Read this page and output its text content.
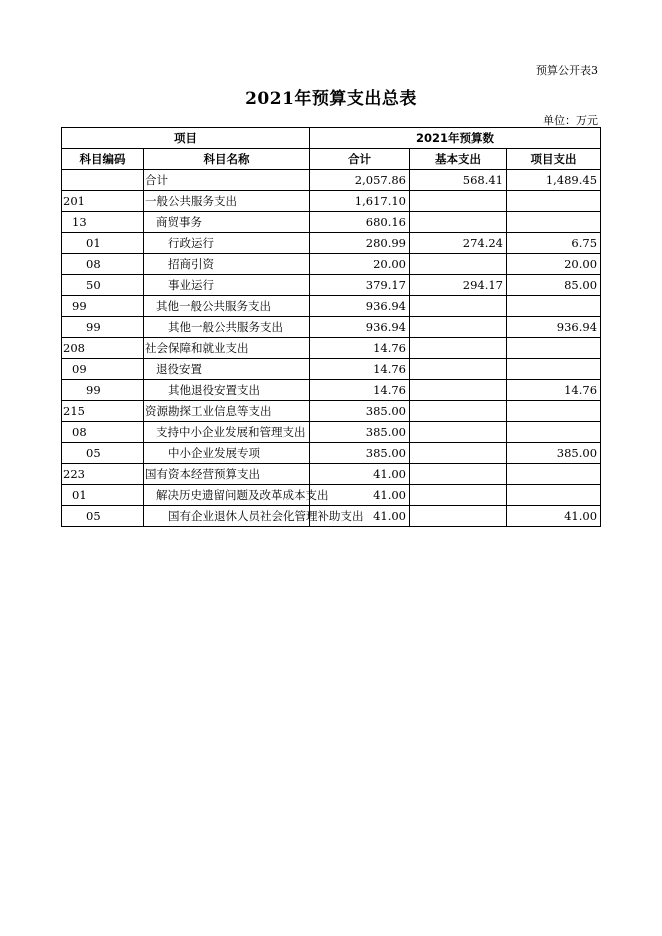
预算公开表3
2021年预算支出总表
单位：万元
项目		2021年预算数		
科目编码	科目名称	合计	基本支出	项目支出
	合计	2,057.86	568.41	1,489.45
201	一般公共服务支出	1,617.10		
13	商贸事务	680.16		
01	行政运行	280.99	274.24	6.75
08	招商引资	20.00		20.00
50	事业运行	379.17	294.17	85.00
99	其他一般公共服务支出	936.94		
99	其他一般公共服务支出	936.94		936.94
208	社会保障和就业支出	14.76		
09	退役安置	14.76		
99	其他退役安置支出	14.76		14.76
215	资源勘探工业信息等支出	385.00		
08	支持中小企业发展和管理支出	385.00		
05	中小企业发展专项	385.00		385.00
223	国有资本经营预算支出	41.00		
01	解决历史遗留问题及改革成本支出	41.00		
05	国有企业退休人员社会化管理补助支出	41.00		41.00
